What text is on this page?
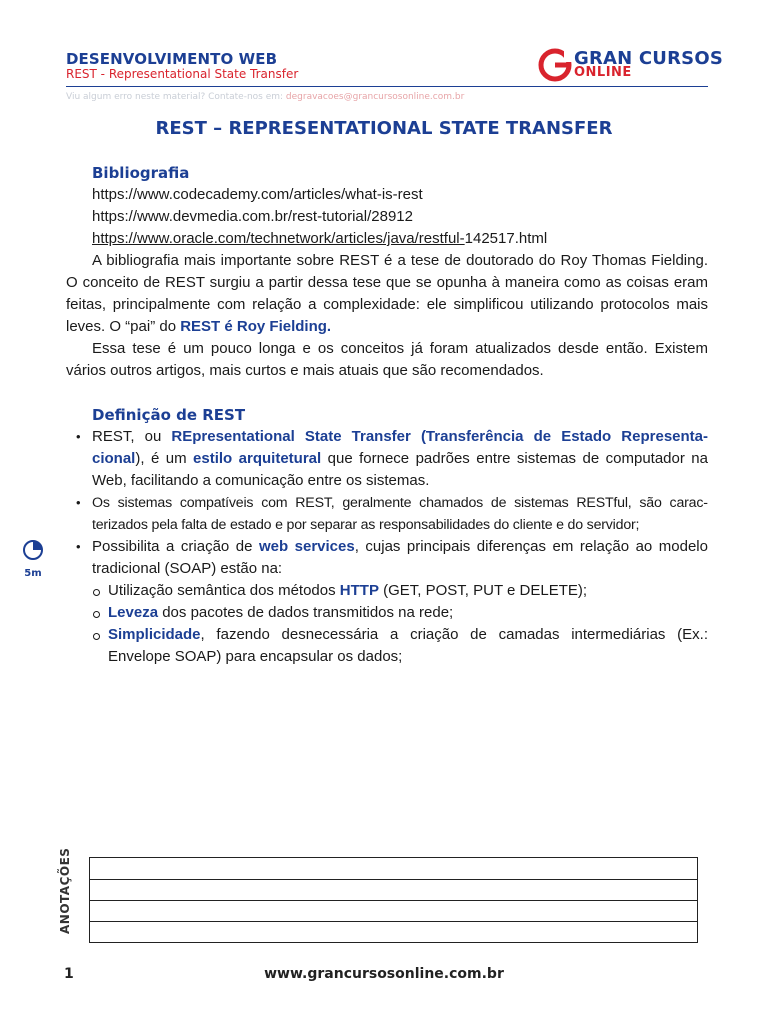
DESENVOLVIMENTO WEB
REST - Representational State Transfer
GRAN CURSOS
ONLINE
Viu algum erro neste material? Contate-nos em: degravacoes@grancursosonline.com.br
REST – REPRESENTATIONAL STATE TRANSFER
Bibliografia
https://www.codecademy.com/articles/what-is-rest
https://www.devmedia.com.br/rest-tutorial/28912
https://www.oracle.com/technetwork/articles/java/restful-142517.html
A bibliografia mais importante sobre REST é a tese de doutorado do Roy Thomas Fielding. O conceito de REST surgiu a partir dessa tese que se opunha à maneira como as coisas eram feitas, principalmente com relação a complexidade: ele simplificou utilizando protocolos mais leves. O “pai” do REST é Roy Fielding.
Essa tese é um pouco longa e os conceitos já foram atualizados desde então. Existem vários outros artigos, mais curtos e mais atuais que são recomendados.
Definição de REST
• REST, ou REpresentational State Transfer (Transferência de Estado Representacional), é um estilo arquitetural que fornece padrões entre sistemas de computador na Web, facilitando a comunicação entre os sistemas.
• Os sistemas compatíveis com REST, geralmente chamados de sistemas RESTful, são caracterizados pela falta de estado e por separar as responsabilidades do cliente e do servidor;
• Possibilita a criação de web services, cujas principais diferenças em relação ao modelo tradicional (SOAP) estão na:
Utilização semântica dos métodos HTTP (GET, POST, PUT e DELETE);
Leveza dos pacotes de dados transmitidos na rede;
Simplicidade, fazendo desnecessária a criação de camadas intermediárias (Ex.: Envelope SOAP) para encapsular os dados;
5m
ANOTAÇÕES
1	www.grancursosonline.com.br
